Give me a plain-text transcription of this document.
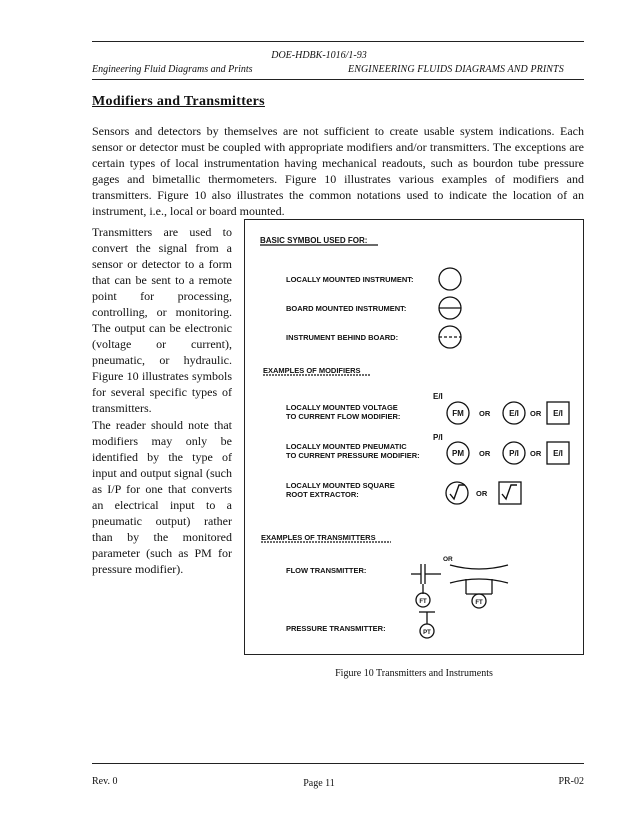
DOE-HDBK-1016/1-93
Engineering Fluid Diagrams and Prints	ENGINEERING FLUIDS DIAGRAMS AND PRINTS
Modifiers and Transmitters
Sensors and detectors by themselves are not sufficient to create usable system indications. Each sensor or detector must be coupled with appropriate modifiers and/or transmitters. The exceptions are certain types of local instrumentation having mechanical readouts, such as bourdon tube pressure gages and bimetallic thermometers. Figure 10 illustrates various examples of modifiers and transmitters. Figure 10 also illustrates the common notations used to indicate the location of an instrument, i.e., local or board mounted.
Transmitters are used to convert the signal from a sensor or detector to a form that can be sent to a remote point for processing, controlling, or monitoring. The output can be electronic (voltage or current), pneumatic, or hydraulic. Figure 10 illustrates symbols for several specific types of transmitters.
The reader should note that modifiers may only be identified by the type of input and output signal (such as I/P for one that converts an electrical input to a pneumatic output) rather than by the monitored parameter (such as PM for pressure modifier).
BASIC SYMBOL USED FOR:
LOCALLY MOUNTED INSTRUMENT:
BOARD MOUNTED INSTRUMENT:
INSTRUMENT BEHIND BOARD:
EXAMPLES OF MODIFIERS
LOCALLY MOUNTED VOLTAGE
TO CURRENT FLOW MODIFIER:
E/I
FM OR E/I OR E/I
LOCALLY MOUNTED PNEUMATIC
TO CURRENT PRESSURE MODIFIER:
P/I
PM OR P/I OR E/I
LOCALLY MOUNTED SQUARE
ROOT EXTRACTOR:	OR
EXAMPLES OF TRANSMITTERS
FLOW TRANSMITTER:
OR
FT	FT
PRESSURE TRANSMITTER:	PT
Figure 10 Transmitters and Instruments
Rev. 0	Page 11	PR-02
